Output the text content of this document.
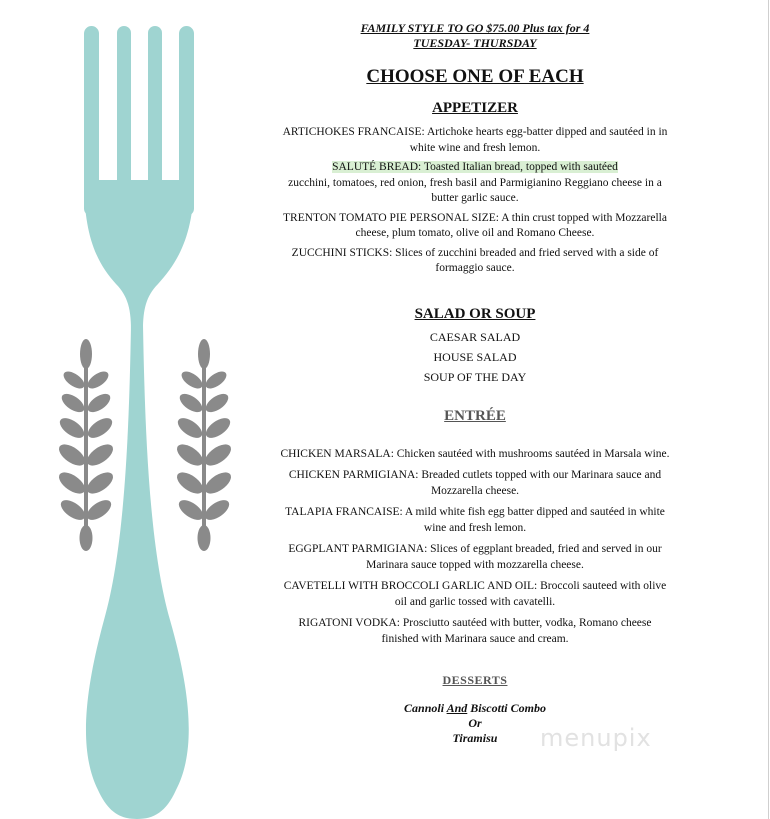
FAMILY STYLE TO GO $75.00 Plus tax for 4
TUESDAY- THURSDAY
CHOOSE ONE OF EACH
APPETIZER
ARTICHOKES FRANCAISE: Artichoke hearts egg-batter dipped and sautéed in in white wine and fresh lemon.
SALUTÉ BREAD: Toasted Italian bread, topped with sautéed
zucchini, tomatoes, red onion, fresh basil and Parmigianino Reggiano cheese in a butter garlic sauce.
TRENTON TOMATO PIE PERSONAL SIZE: A thin crust topped with Mozzarella cheese, plum tomato, olive oil and Romano Cheese.
ZUCCHINI STICKS: Slices of zucchini breaded and fried served with a side of formaggio sauce.
SALAD OR SOUP
CAESAR SALAD
HOUSE SALAD
SOUP OF THE DAY
ENTRÉE
CHICKEN MARSALA: Chicken sautéed with mushrooms sautéed in Marsala wine.
CHICKEN PARMIGIANA: Breaded cutlets topped with our Marinara sauce and Mozzarella cheese.
TALAPIA FRANCAISE: A mild white fish egg batter dipped and sautéed in white wine and fresh lemon.
EGGPLANT PARMIGIANA: Slices of eggplant breaded, fried and served in our Marinara sauce topped with mozzarella cheese.
CAVETELLI WITH BROCCOLI GARLIC AND OIL: Broccoli sauteed with olive oil and garlic tossed with cavatelli.
RIGATONI VODKA: Prosciutto sautéed with butter, vodka, Romano cheese finished with Marinara sauce and cream.
DESSERTS
Cannoli And Biscotti Combo
Or
Tiramisu	menupix
